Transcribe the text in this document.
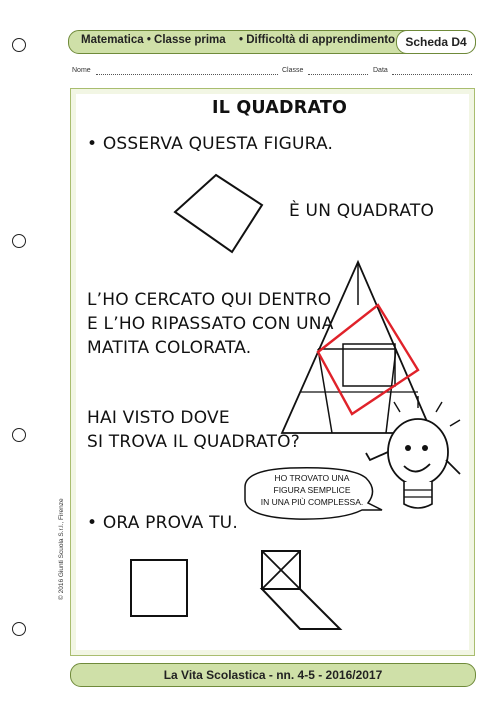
Matematica • Classe prima • Difficoltà di apprendimento Scheda D4
Nome	Classe	Data
IL QUADRATO
• OSSERVA QUESTA FIGURA.
È UN QUADRATO
L’HO CERCATO QUI DENTRO
E L’HO RIPASSATO CON UNA
MATITA COLORATA.
HAI VISTO DOVE
SI TROVA IL QUADRATO?
• ORA PROVA TU.
HO TROVATO UNA
FIGURA SEMPLICE
IN UNA PIÙ COMPLESSA.
© 2016 Giunti Scuola S.r.l., Firenze
La Vita Scolastica - nn. 4-5 - 2016/2017
